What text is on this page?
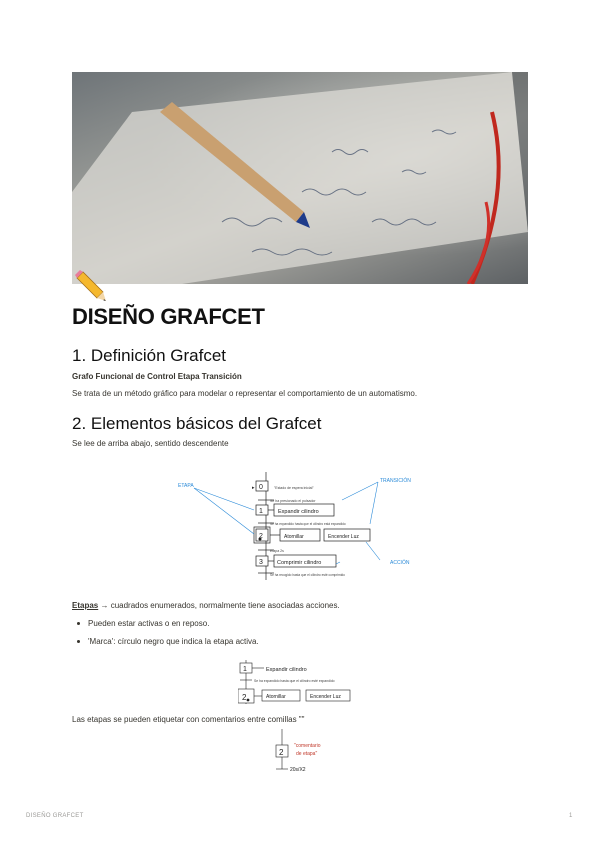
DISEÑO GRAFCET
1. Definición Grafcet

Grafo Funcional de Control Etapa Transición

Se trata de un método gráfico para modelar o representar el comportamiento de un automatismo.

2. Elementos básicos del Grafcet

Se lee de arriba abajo, sentido descendente

▸ 0	"Estado de espera inicial"
Se ha presionado el pulsador
1	Expandir cilindro
Se ha expandido hasta que el cilindro está expandido
2	Atornillar	Encender Luz
Etapa 2s
3	Comprimir cilindro
Se ha recogido hasta que el cilindro esté comprimido
ETAPA
TRANSICIÓN
ACCIÓN
Etapas → cuadrados enumerados, normalmente tiene asociadas acciones.
Pueden estar activas o en reposo.
'Marca': círculo negro que indica la etapa activa.
1	Expandir cilindro
Se ha expandido hasta que el cilindro esté expandido
2	Atornillar	Encender Luz
Las etapas se pueden etiquetar con comentarios entre comillas ""
2
"comentario
de etapa"
20s/X2
DISEÑO GRAFCET	1
